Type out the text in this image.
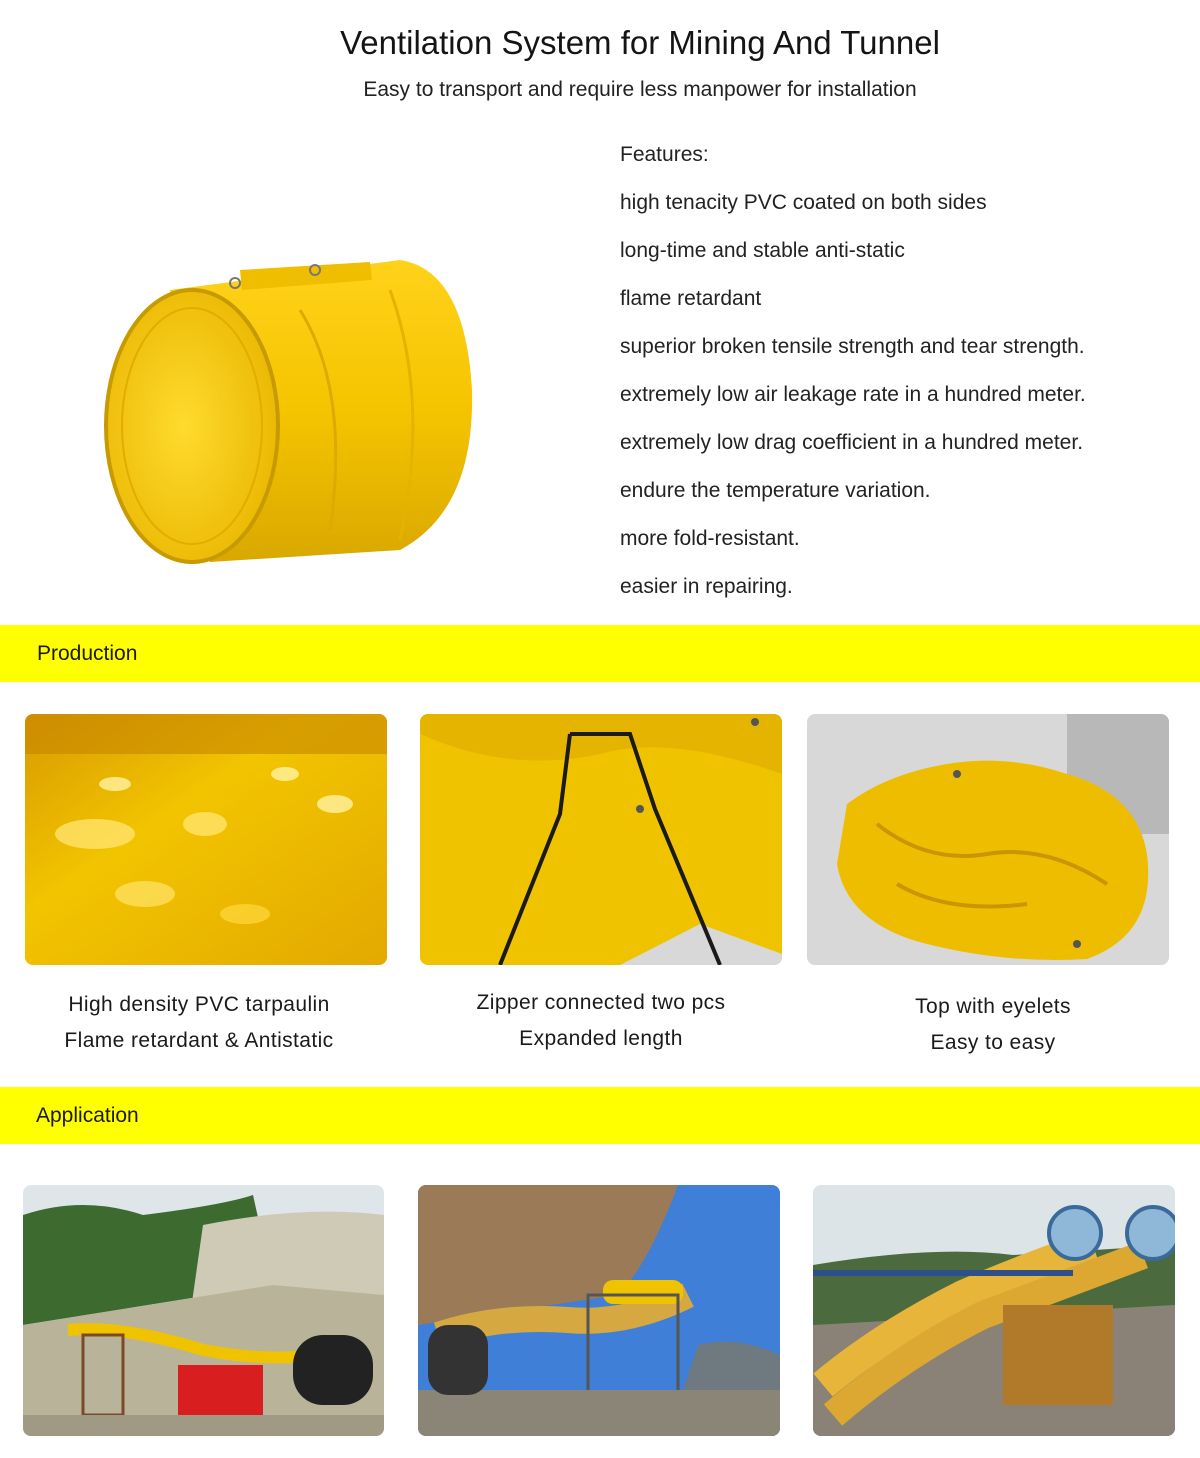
Ventilation System for Mining And Tunnel
Easy to transport and require less manpower for installation
Features:
high tenacity PVC coated on both sides
long-time and stable anti-static
flame retardant
superior broken tensile strength and tear strength.
extremely low air leakage rate in a hundred meter.
extremely low drag coefficient in a hundred meter.
endure the temperature variation.
more fold-resistant.
easier in repairing.
Production
High density PVC tarpaulin
Flame retardant & Antistatic
Zipper connected two pcs
Expanded length
Top with eyelets
Easy to easy
Application
